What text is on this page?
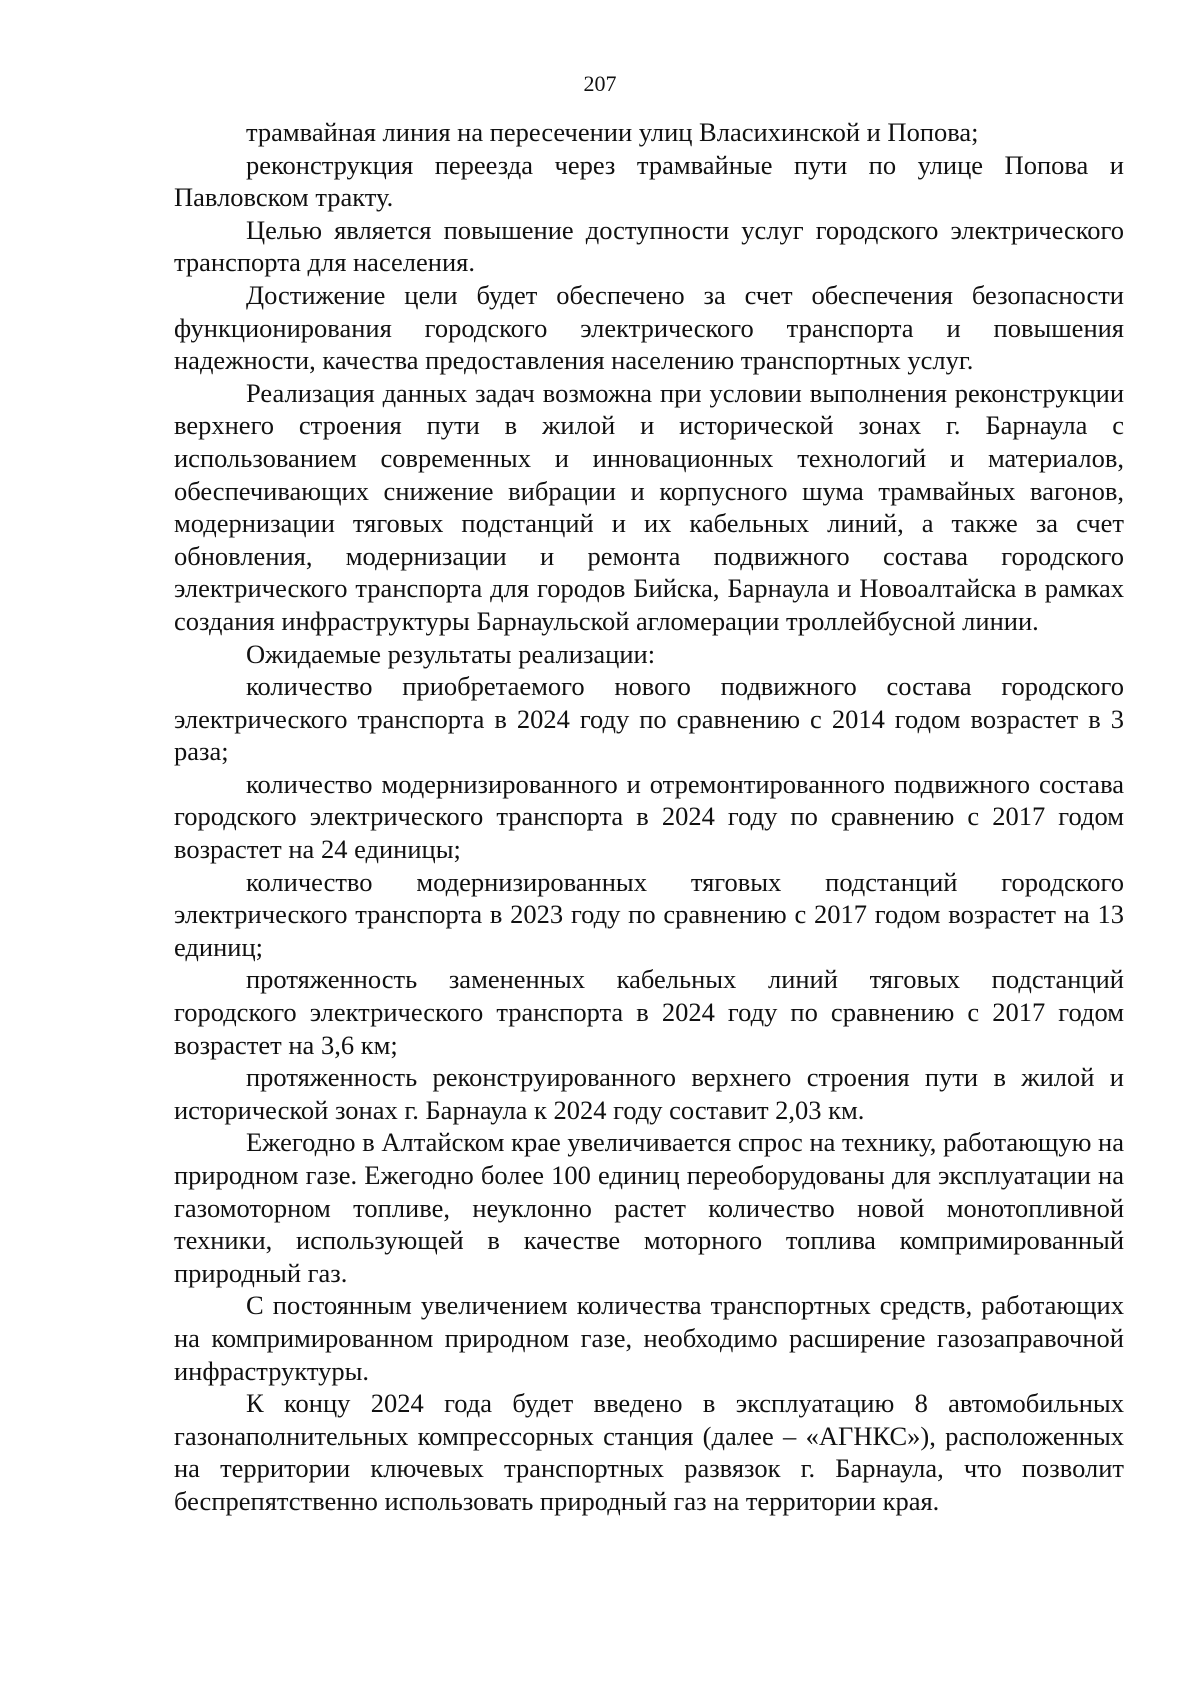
207

трамвайная линия на пересечении улиц Власихинской и Попова;

реконструкция переезда через трамвайные пути по улице Попова и Павловском тракту.

Целью является повышение доступности услуг городского электрического транспорта для населения.

Достижение цели будет обеспечено за счет обеспечения безопасности функционирования городского электрического транспорта и повышения надежности, качества предоставления населению транспортных услуг.

Реализация данных задач возможна при условии выполнения реконструкции верхнего строения пути в жилой и исторической зонах г. Барнаула с использованием современных и инновационных технологий и материалов, обеспечивающих снижение вибрации и корпусного шума трамвайных вагонов, модернизации тяговых подстанций и их кабельных линий, а также за счет обновления, модернизации и ремонта подвижного состава городского электрического транспорта для городов Бийска, Барнаула и Новоалтайска в рамках создания инфраструктуры Барнаульской агломерации троллейбусной линии.

Ожидаемые результаты реализации:

количество приобретаемого нового подвижного состава городского электрического транспорта в 2024 году по сравнению с 2014 годом возрастет в 3 раза;

количество модернизированного и отремонтированного подвижного состава городского электрического транспорта в 2024 году по сравнению с 2017 годом возрастет на 24 единицы;

количество модернизированных тяговых подстанций городского электрического транспорта в 2023 году по сравнению с 2017 годом возрастет на 13 единиц;

протяженность замененных кабельных линий тяговых подстанций городского электрического транспорта в 2024 году по сравнению с 2017 годом возрастет на 3,6 км;

протяженность реконструированного верхнего строения пути в жилой и исторической зонах г. Барнаула к 2024 году составит 2,03 км.

Ежегодно в Алтайском крае увеличивается спрос на технику, работающую на природном газе. Ежегодно более 100 единиц переоборудованы для эксплуатации на газомоторном топливе, неуклонно растет количество новой монотопливной техники, использующей в качестве моторного топлива компримированный природный газ.

С постоянным увеличением количества транспортных средств, работающих на компримированном природном газе, необходимо расширение газозаправочной инфраструктуры.

К концу 2024 года будет введено в эксплуатацию 8 автомобильных газонаполнительных компрессорных станция (далее – «АГНКС»), расположенных на территории ключевых транспортных развязок г. Барнаула, что позволит беспрепятственно использовать природный газ на территории края.
